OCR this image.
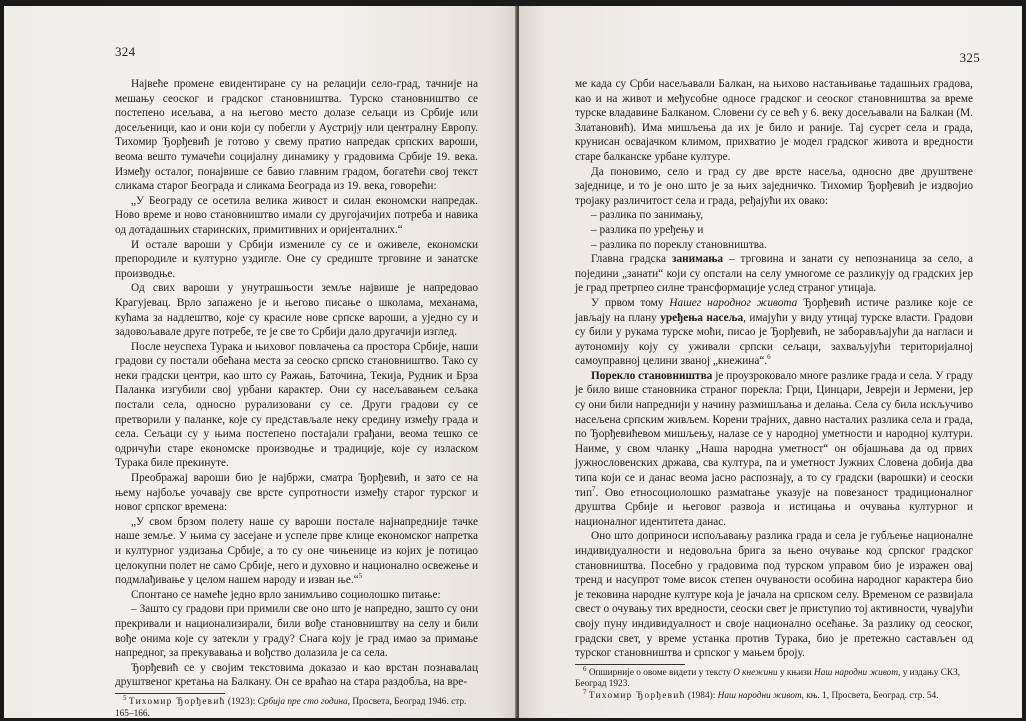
324

Највеће промене евидентиране су на релацији село-град, тачније на мешању сеоског и градског становништва. Турско становништво се постепено исељава, а на његово место долазе сељаци из Србије или досељеници, као и они који су побегли у Аустрију или централну Европу. Тихомир Ђорђевић је готово у свему пратио напредак српских вароши, веома вешто тумачећи социјалну динамику у градовима Србије 19. века. Између осталог, понајвише се бавио главним градом, богатећи свој текст сликама старог Београда и сликама Београда из 19. века, говорећи:

„У Београду се осетила велика живост и силан економски напредак. Ново време и ново становништво имали су другојачијих потреба и навика од дотадашњих старинских, примитивних и оријенталних.“

И остале вароши у Србији измениле су се и оживеле, економски препородиле и културно уздигле. Оне су средиште трговине и занатске производње.

Од свих вароши у унутрашњости земље највише је напредовао Крагујевац. Врло запажено је и његово писање о школама, механама, кућама за надлештво, које су красиле нове српске вароши, а уједно су и задовољавале друге потребе, те је све то Србији дало другачији изглед.

После неуспеха Турака и њиховог повлачења са простора Србије, наши градови су постали обећана места за сеоско српско становништво. Тако су неки градски центри, као што су Ражањ, Баточина, Текија, Рудник и Брза Паланка изгубили свој урбани карактер. Они су насељавањем сељака постали села, односно рурализовани су се. Други градови су се претворили у паланке, које су представљале неку средину између града и села. Сељаци су у њима постепено постајали грађани, веома тешко се одричући старе економске производње и традиције, које су изласком Турака биле прекинуте.

Преображај вароши био је најбржи, сматра Ђорђевић, и зато се на њему најбоље уочавају све врсте супротности између старог турског и новог српског времена:

„У свом брзом полету наше су вароши постале најнапредније тачке наше земље. У њима су засејане и успеле прве клице економског напретка и културног уздизања Србије, а то су оне чињенице из којих је потицао целокупни полет не само Србије, него и духовно и национално освежење и подмлађивање у целом нашем народу и изван ње.“$^5$

Спонтано се намеће једно врло занимљиво социолошко питање:

– Зашто су градови при примили све оно што је напредно, зашто су они прекривали и национализирали, били вође становништву на селу и били вође онима које су затекли у граду? Снага коју је град имао за примање напредног, за прекувавања и вођство долазила је са села.

Ђорђевић се у својим текстовима доказао и као врстан познавалац друштвеног кретања на Балкану. Он се враћао на стара раздобља, на вре-

$^5$ Тихомир Ђорђевић (1923): Србија пре сто година, Просвета, Београд 1946. стр. 165–166.

325

ме када су Срби насељавали Балкан, на њихово настањивање тадашњих градова, као и на живот и међусобне односе градског и сеоског становништва за време турске владавине Балканом. Словени су се већ у 6. веку досељавали на Балкан (М. Златановић). Има мишљења да их је било и раније. Тај сусрет села и града, крунисан освајачком климом, прихватио је модел градског живота и вредности старе балканске урбане културе.

Да поновимо, село и град су две врсте насеља, односно две друштвене заједнице, и то је оно што је за њих заједничко. Тихомир Ђорђевић је издвојио тројаку различитост села и града, ређајући их овако:

– разлика по занимању,

– разлика по уређењу и

– разлика по пореклу становништва.

Главна градска занимања – трговина и занати су непознаница за село, а поједини „занати“ који су опстали на селу умногоме се разликују од градских јер је град претрпео силне трансформације услед страног утицаја.

У првом тому Нашег народног живота Ђорђевић истиче разлике које се јављају на плану уређења насеља, имајући у виду утицај турске власти. Градови су били у рукама турске моћи, писао је Ђорђевић, не заборављајући да нагласи и аутономију коју су уживали српски сељаци, захваљујући територијалној самоуправној целини званој „кнежина“.$^6$

Порекло становништва је проузроковало многе разлике града и села. У граду је било више становника страног порекла: Грци, Цинцари, Јевреји и Јермени, јер су они били напреднији у начину размишљања и делања. Села су била искључиво насељена српским живљем. Корени трајних, давно насталих разлика села и града, по Ђорђевићевом мишљењу, налазе се у народној уметности и народној култури. Наиме, у свом чланку „Наша народна уметност“ он објашњава да од првих јужнословенских држава, сва култура, па и уметност Јужних Словена добија два типа који се и данас веома јасно распознају, а то су градски (варошки) и сеоски тип$^7$. Ово етносоциолошко размatrање указује на повезаност традиционалног друштва Србије и његовог развоја и истицања и очувања културног и националног идентитета данас.

Оно што доприноси испољавању разлика града и села је губљење националне индивидуалности и недовољна брига за њено очување код српског градског становништва. Посебно у градовима под турском управом био је изражен овај тренд и насупрот томе висок степен очуваности особина народног карактера био је тековина народне културе која је јачала на српском селу. Временом се развијала свест о очувању тих вредности, сеоски свет је приступио тој активности, чувајући своју пуну индивидуалност и своје национално осећање. За разлику од сеоског, градски свет, у време устанка против Турака, био је претежно састављен од турског становништва и српског у мањем броју.

$^6$ Опширније о овоме видети у тексту О кнежини у књизи Наш народни живот, у издању СКЗ, Београд 1923.

$^7$ Тихомир Ђорђевић (1984): Наш народни живот, књ. 1, Просвета, Београд. стр. 54.
